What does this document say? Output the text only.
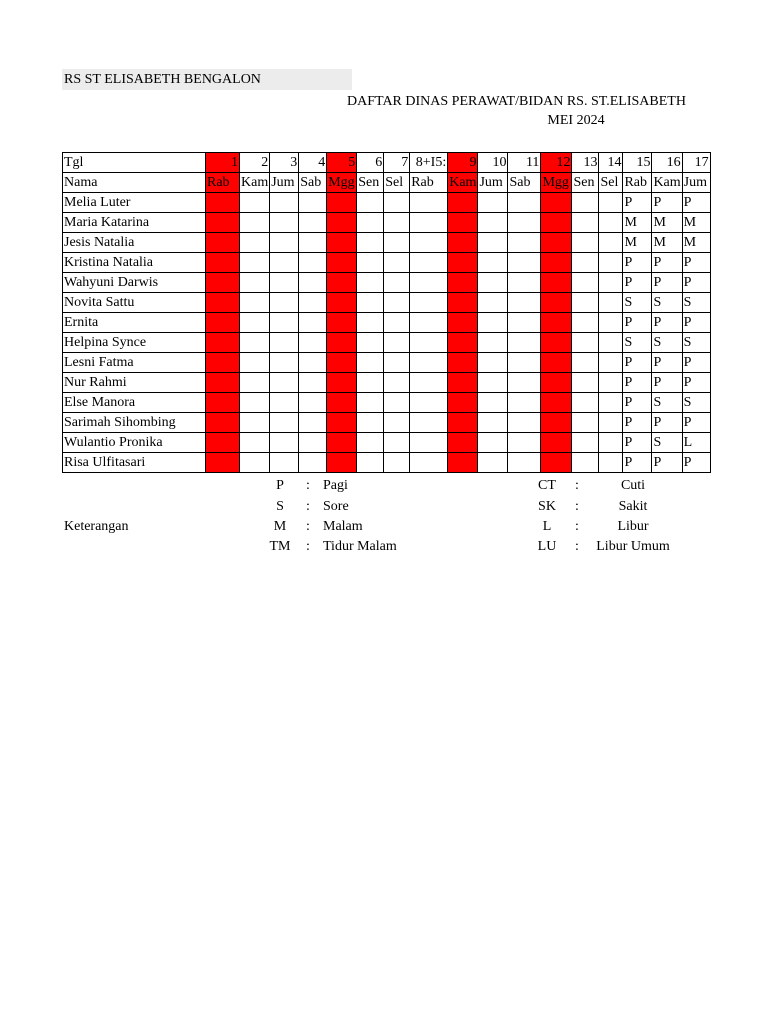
RS ST ELISABETH BENGALON
DAFTAR DINAS PERAWAT/BIDAN RS. ST.ELISABETH
MEI 2024
Tgl	1	2	3	4	5	6	7	8+I5:	9	10	11	12	13	14	15	16	17
Nama	Rab	Kam	Jum	Sab	Mgg	Sen	Sel	Rab	Kam	Jum	Sab	Mgg	Sen	Sel	Rab	Kam	Jum
Melia Luter															P	P	P
Maria Katarina															M	M	M
Jesis Natalia															M	M	M
Kristina Natalia															P	P	P
Wahyuni Darwis															P	P	P
Novita Sattu															S	S	S
Ernita															P	P	P
Helpina Synce															S	S	S
Lesni Fatma															P	P	P
Nur Rahmi															P	P	P
Else Manora															P	S	S
Sarimah Sihombing															P	P	P
Wulantio Pronika															P	S	L
Risa Ulfitasari															P	P	P
Keterangan
P	: Pagi
S	: Sore
M	: Malam
TM	: Tidur Malam
CT	:	Cuti
SK	:	Sakit
L	:	Libur
LU	:	Libur Umum
